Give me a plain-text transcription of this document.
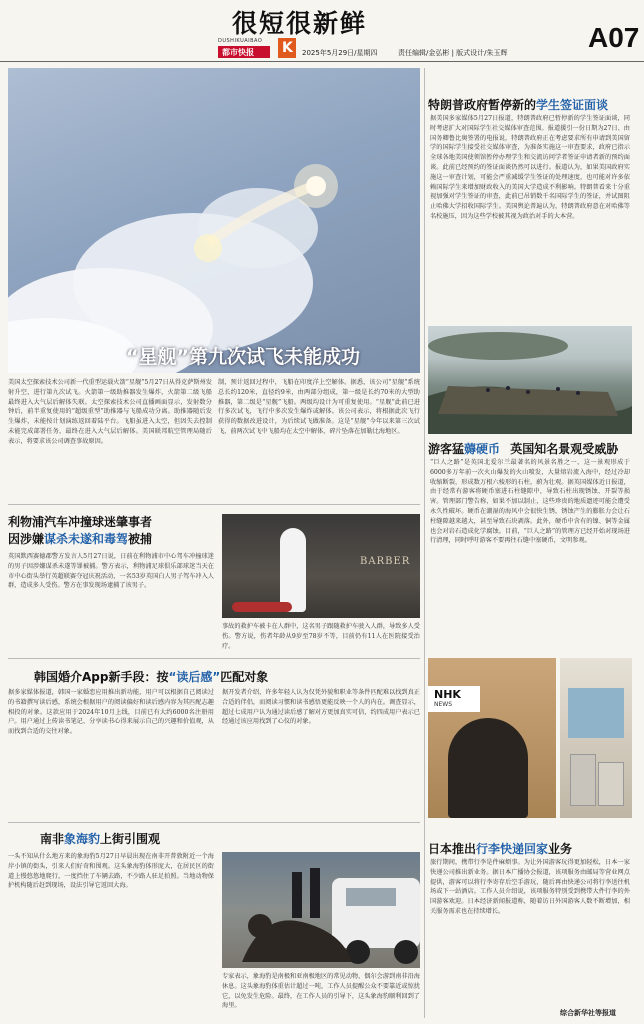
很短很新鲜
DUSHIKUAIBAO
都市快报 K 2025年5月29日/星期四	责任编辑/金弘彬 | 版式设计/朱玉辉	A07
“星舰”第九次试飞未能成功
美国太空探索技术公司新一代重型运载火箭“星舰”5月27日从得克萨斯州发射升空，进行第九次试飞。火箭第一级助推器发生爆炸，火箭第二级飞船最终进入大气层后解体失联。太空探索技术公司直播画面显示，发射数分钟后，前半重复使用的“超级重型”助推器与飞船成功分离。助推器随后发生爆炸，未能按计划演练返回着陆平台。飞船虽进入太空，但因失去控制未能完成部署任务，最终在进入大气层后解体。美国联邦航空管理局随后表示，将要求该公司调查事故原因。
制，预计返回过程中，飞船在印度洋上空解体。据悉，该公司“星舰”系统总长约120米，直径约9米，由两部分组成，第一级是长约70米的大型助推器，第二级是“星舰”飞船。两级均设计为可重复使用。“星舰”此前已进行多次试飞，飞行中多次发生爆炸或解体。该公司表示，将根据此次飞行获得的数据改进设计，为后续试飞做准备。这是“星舰”今年以来第三次试飞，前两次试飞中飞船均在太空中解体，碎片坠落在加勒比海地区。
特朗普政府暂停新的学生签证面谈
据美国多家媒体5月27日报道，特朗普政府已暂停新的学生签证面谈，同时考虑扩大对国际学生社交媒体审查范围。报道援引一份日期为27日、由国务卿鲁比奥签署的电报说，特朗普政府正在考虑要求所有申请到美国留学的国际学生接受社交媒体审查，为准备实施这一审查要求，政府已指示全球各地美国使领馆暂停办理学生和交流访问学者签证申请者新的预约面谈。此前已经预约的签证面谈仍然可以进行。报道认为，如果美国政府实施这一审查计划，可能会严重减缓学生签证的处理速度，也可能对许多依赖国际学生来增加财政收入的美国大学造成不利影响。特朗普看来十分重视加强对学生签证的审查，此前已吊销数千名国际学生的签证，并试图阻止哈佛大学招收国际学生。美国舆论普遍认为，特朗普政府意在对哈佛等名校施压，因为这些学校被其视为政治对手的大本营。
游客猛薅硬币 英国知名景观受威胁
“巨人之路”是英国北爱尔兰最著名的风景名胜之一，这一景观形成于6000多万年前一次火山爆发的火山喷发，大量熔岩流入海中，经过冷却收缩断裂，形成数万根六棱形的石柱，蔚为壮观。据英国媒体近日报道，由于经常有游客将硬币塞进石柱缝隙中，导致石柱出现锈蚀、开裂等损害。管理部门警告称，如果不加以制止，这些珍贵的地质遗迹可能会遭受永久性破坏。硬币在潮湿的海风中会很快生锈，锈蚀产生的膨胀力会让石柱缝隙越来越大，甚至导致石块剥落。此外，硬币中含有的镍、铜等金属也会对岩石造成化学腐蚀。目前，“巨人之路”的管理方已经开始对现场进行清理，同时呼吁游客不要再往石缝中塞硬币，文明参观。
利物浦汽车冲撞球迷肇事者
因涉嫌谋杀未遂和毒驾被捕
英国默西赛德郡警方发言人5月27日说，日前在利物浦市中心驾车冲撞球迷的男子因涉嫌谋杀未遂等罪被捕。警方表示，利物浦足球俱乐部球迷当天在市中心街头举行英超联赛夺冠庆祝活动，一名53岁英国白人男子驾车冲入人群，造成多人受伤。警方在事发现场逮捕了该男子。
BARBER
事故的救护车被卡在人群中，这名男子跟随救护车驶入人群，导致多人受伤。警方说，伤者年龄从9岁至78岁不等，目前仍有11人在医院接受治疗。
韩国婚介App新手段：按“读后感”匹配对象
据多家媒体报道，韩国一家婚恋应用推出新功能，用户可以根据自己阅读过的书籍撰写读后感，系统会根据用户的阅读偏好和读后感内容为其匹配志趣相投的对象。这款应用于2024年10月上线，目前已有大约6000名注册用户。用户通过上传读书笔记、分享读书心得来展示自己的兴趣和价值观，从而找到合适的交往对象。
据开发者介绍，许多年轻人认为仅凭外貌和职业等条件匹配难以找到真正合适的伴侣，而阅读习惯和读书感悟更能反映一个人的内在。调查显示，超过七成用户认为通过读后感了解对方更加真实可信，约四成用户表示已经通过该应用找到了心仪的对象。
南非象海豹上街引围观
一头不知从什么地方来的象海豹5月27日早晨出现在南非开普敦附近一个海岸小镇的街头，引来人们好奇和围观。这头象海豹体形庞大，在居民区的街道上慢悠悠地爬行，一度挡住了车辆去路，不少路人驻足拍照。当地动物保护机构随后赶到现场，设法引导它返回大海。
专家表示，象海豹是南极和亚南极地区的常见动物，偶尔会游到南非沿海休息。这头象海豹体重估计超过一吨，工作人员提醒公众不要靠近或惊扰它，以免发生危险。最终，在工作人员的引导下，这头象海豹顺利回到了海里。
NHK
NEWS
日本推出行李快递回家业务
旅行期间，携带行李是件麻烦事。为让外国游客玩得更加轻松，日本一家快递公司推出新业务。据日本广播协会报道，该项服务由邮局等营业网点提供，游客可以将行李寄存后空手游玩，随后再由快递公司将行李送往机场或下一站酒店。工作人员介绍说，该项服务特别受到携带大件行李的外国游客欢迎。日本经济新闻报道称，随着访日外国游客人数不断增加，相关服务需求也在持续增长。
综合新华社等报道
